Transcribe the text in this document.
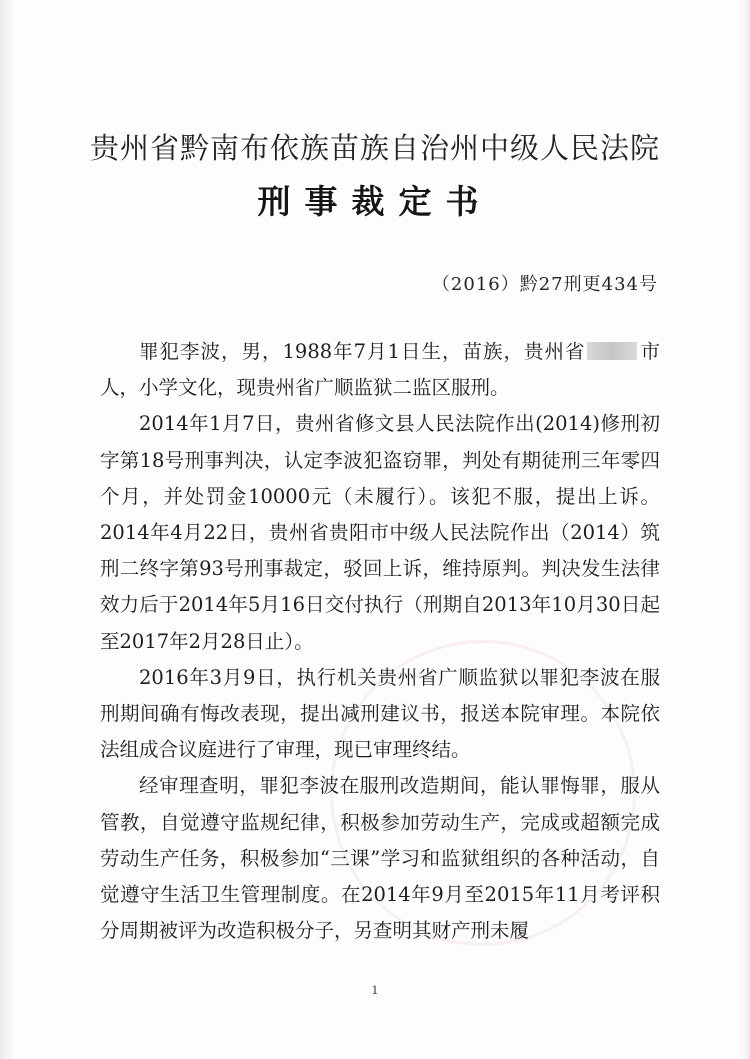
贵州省黔南布依族苗族自治州中级人民法院
刑事裁定书
（2016）黔27刑更434号

罪犯李波，男，1988年7月1日生，苗族，贵州省	市人，小学文化，现贵州省广顺监狱二监区服刑。

2014年1月7日，贵州省修文县人民法院作出(2014)修刑初字第18号刑事判决，认定李波犯盗窃罪，判处有期徒刑三年零四个月，并处罚金10000元（未履行）。该犯不服，提出上诉。2014年4月22日，贵州省贵阳市中级人民法院作出（2014）筑刑二终字第93号刑事裁定，驳回上诉，维持原判。判决发生法律效力后于2014年5月16日交付执行（刑期自2013年10月30日起至2017年2月28日止）。

2016年3月9日，执行机关贵州省广顺监狱以罪犯李波在服刑期间确有悔改表现，提出减刑建议书，报送本院审理。本院依法组成合议庭进行了审理，现已审理终结。

经审理查明，罪犯李波在服刑改造期间，能认罪悔罪，服从管教，自觉遵守监规纪律，积极参加劳动生产，完成或超额完成劳动生产任务，积极参加“三课”学习和监狱组织的各种活动，自觉遵守生活卫生管理制度。在2014年9月至2015年11月考评积分周期被评为改造积极分子，另查明其财产刑未履

1
